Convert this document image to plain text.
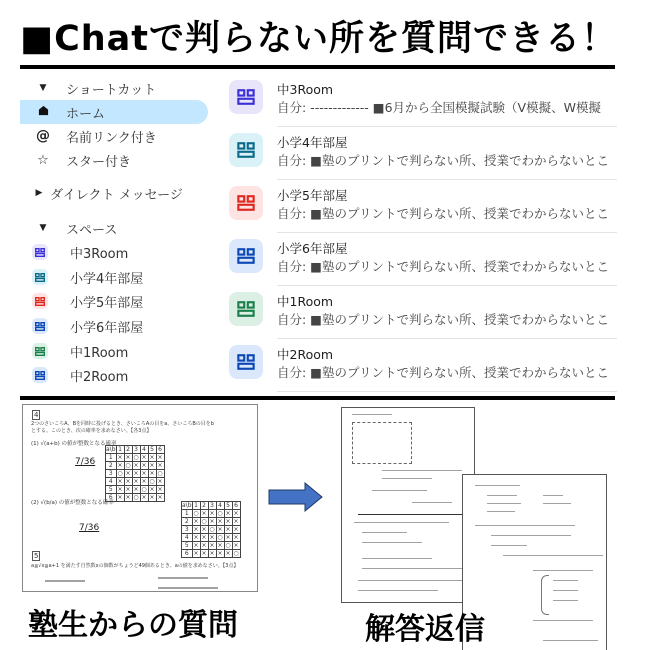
■Chatで判らない所を質問できる！
▼	ショートカット
ホーム
@	名前リンク付き
☆	スター付き
▶ ダイレクト メッセージ
▼	スペース
中3Room
小学4年部屋
小学5年部屋
小学6年部屋
中1Room
中2Room
中3Room
自分: ------------- ■6月から全国模擬試験（V模擬、W模擬
小学4年部屋
自分: ■塾のプリントで判らない所、授業でわからないとこ
小学5年部屋
自分: ■塾のプリントで判らない所、授業でわからないとこ
小学6年部屋
自分: ■塾のプリントで判らない所、授業でわからないとこ
中1Room
自分: ■塾のプリントで判らない所、授業でわからないとこ
中2Room
自分: ■塾のプリントで判らない所、授業でわからないとこ
4
2つのさいころA、Bを同時に投げるとき、さいころAの目をa、さいころBの目をbとする。このとき、次の確率を求めなさい。【各3点】
(1) √(a+b) の値が整数となる確率
7/36
(2) √(b/a) の値が整数となる確率
7/36
5
a≦√x≦a+1 を満たす自然数xの個数がちょうど49個あるとき、aの値を求めなさい。【3点】
a\b	1	2	3	4	5	6
1	×	×	○	×	×	×
2	×	○	×	×	×	×
3	○	×	×	×	×	○
4	×	×	×	×	○	×
5	×	×	×	○	×	×
6	×	×	○	×	×	×
a\b	1	2	3	4	5	6
1	○	×	×	○	×	×
2	×	○	×	×	×	×
3	×	×	○	×	×	×
4	×	×	×	○	×	×
5	×	×	×	×	○	×
6	×	×	×	×	×	○
塾生からの質問	解答返信
